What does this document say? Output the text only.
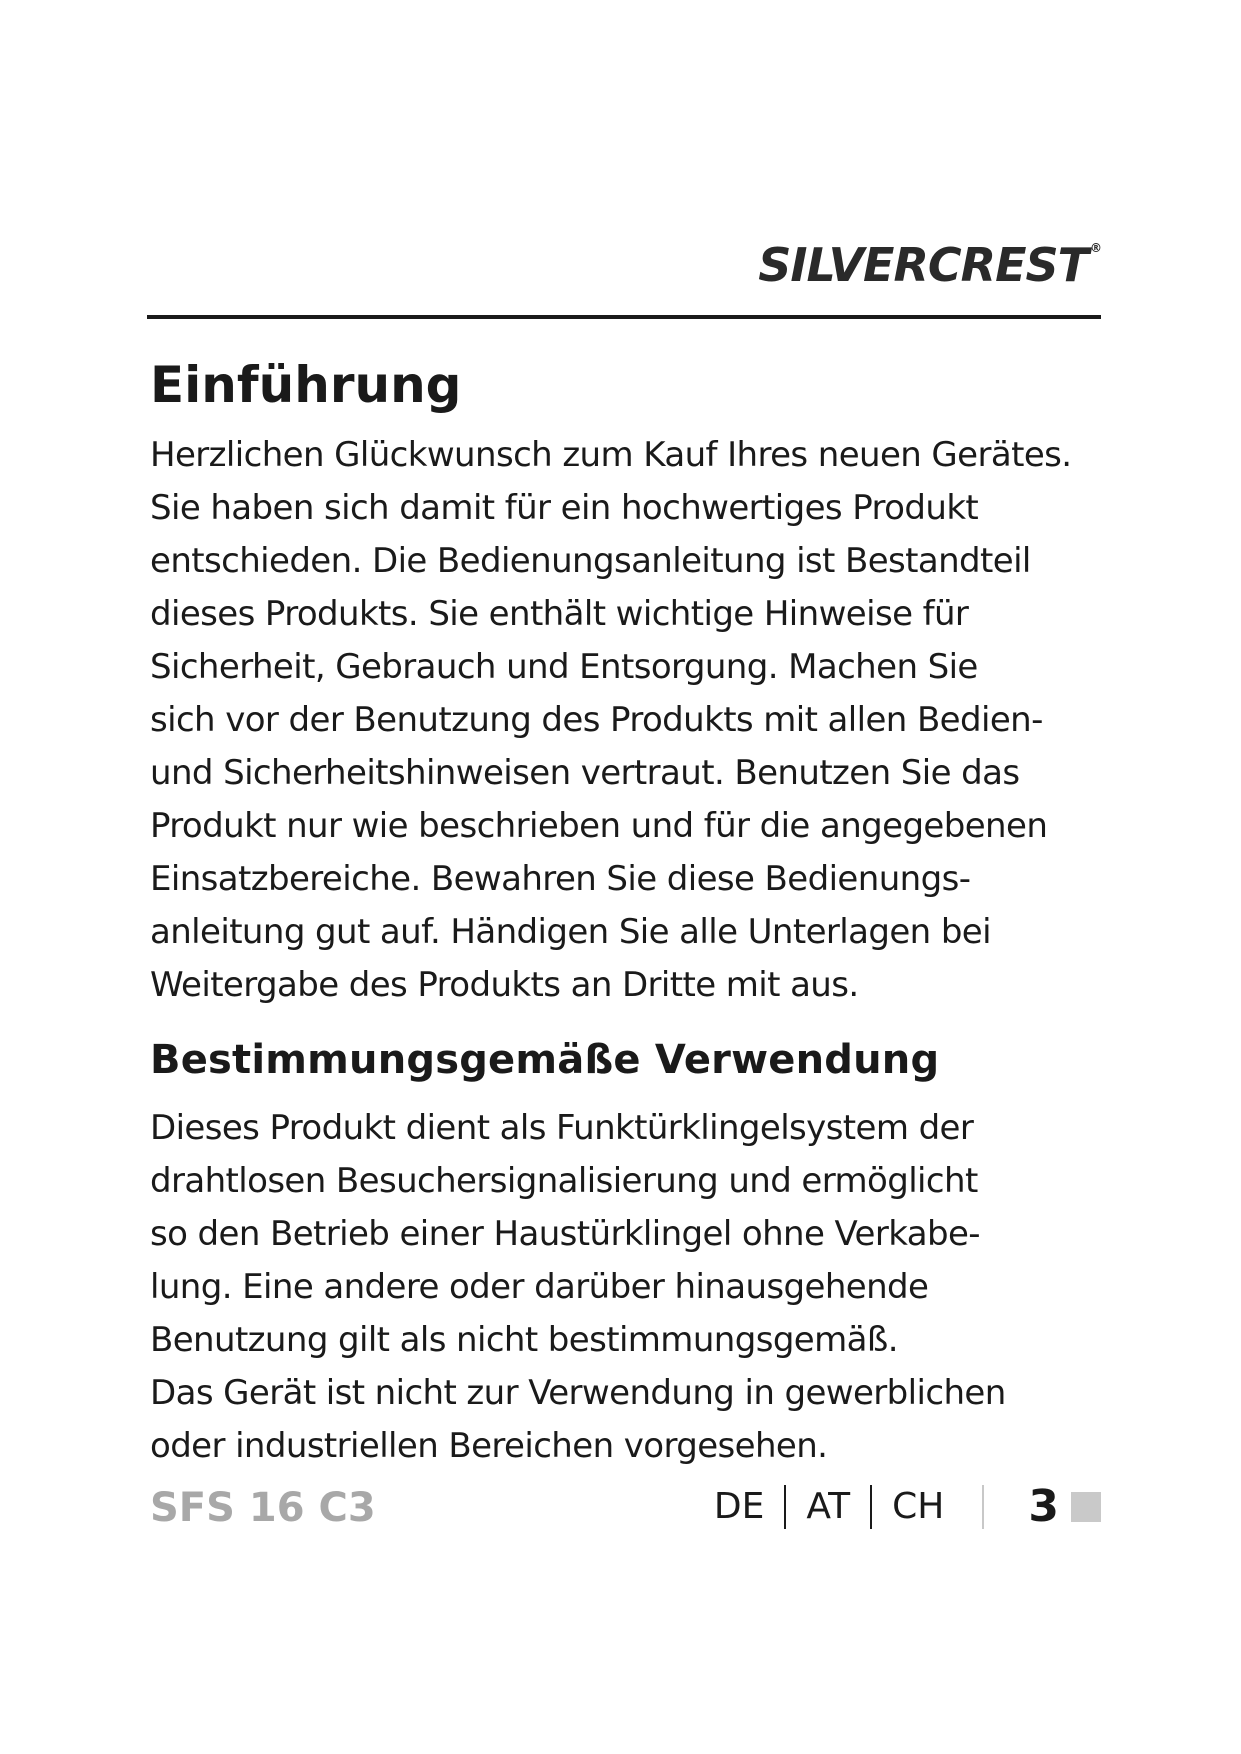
SILVERCREST ®
Einführung

Herzlichen Glückwunsch zum Kauf Ihres neuen Gerätes.
Sie haben sich damit für ein hochwertiges Produkt
entschieden. Die Bedienungsanleitung ist Bestandteil
dieses Produkts. Sie enthält wichtige Hinweise für
Sicherheit, Gebrauch und Entsorgung. Machen Sie
sich vor der Benutzung des Produkts mit allen Bedien-
und Sicherheitshinweisen vertraut. Benutzen Sie das
Produkt nur wie beschrieben und für die angegebenen
Einsatzbereiche. Bewahren Sie diese Bedienungs-
anleitung gut auf. Händigen Sie alle Unterlagen bei
Weitergabe des Produkts an Dritte mit aus.

Bestimmungsgemäße Verwendung

Dieses Produkt dient als Funktürklingelsystem der
drahtlosen Besuchersignalisierung und ermöglicht
so den Betrieb einer Haustürklingel ohne Verkabe-
lung. Eine andere oder darüber hinausgehende
Benutzung gilt als nicht bestimmungsgemäß.
Das Gerät ist nicht zur Verwendung in gewerblichen
oder industriellen Bereichen vorgesehen.

SFS 16 C3	DE AT CH 3
